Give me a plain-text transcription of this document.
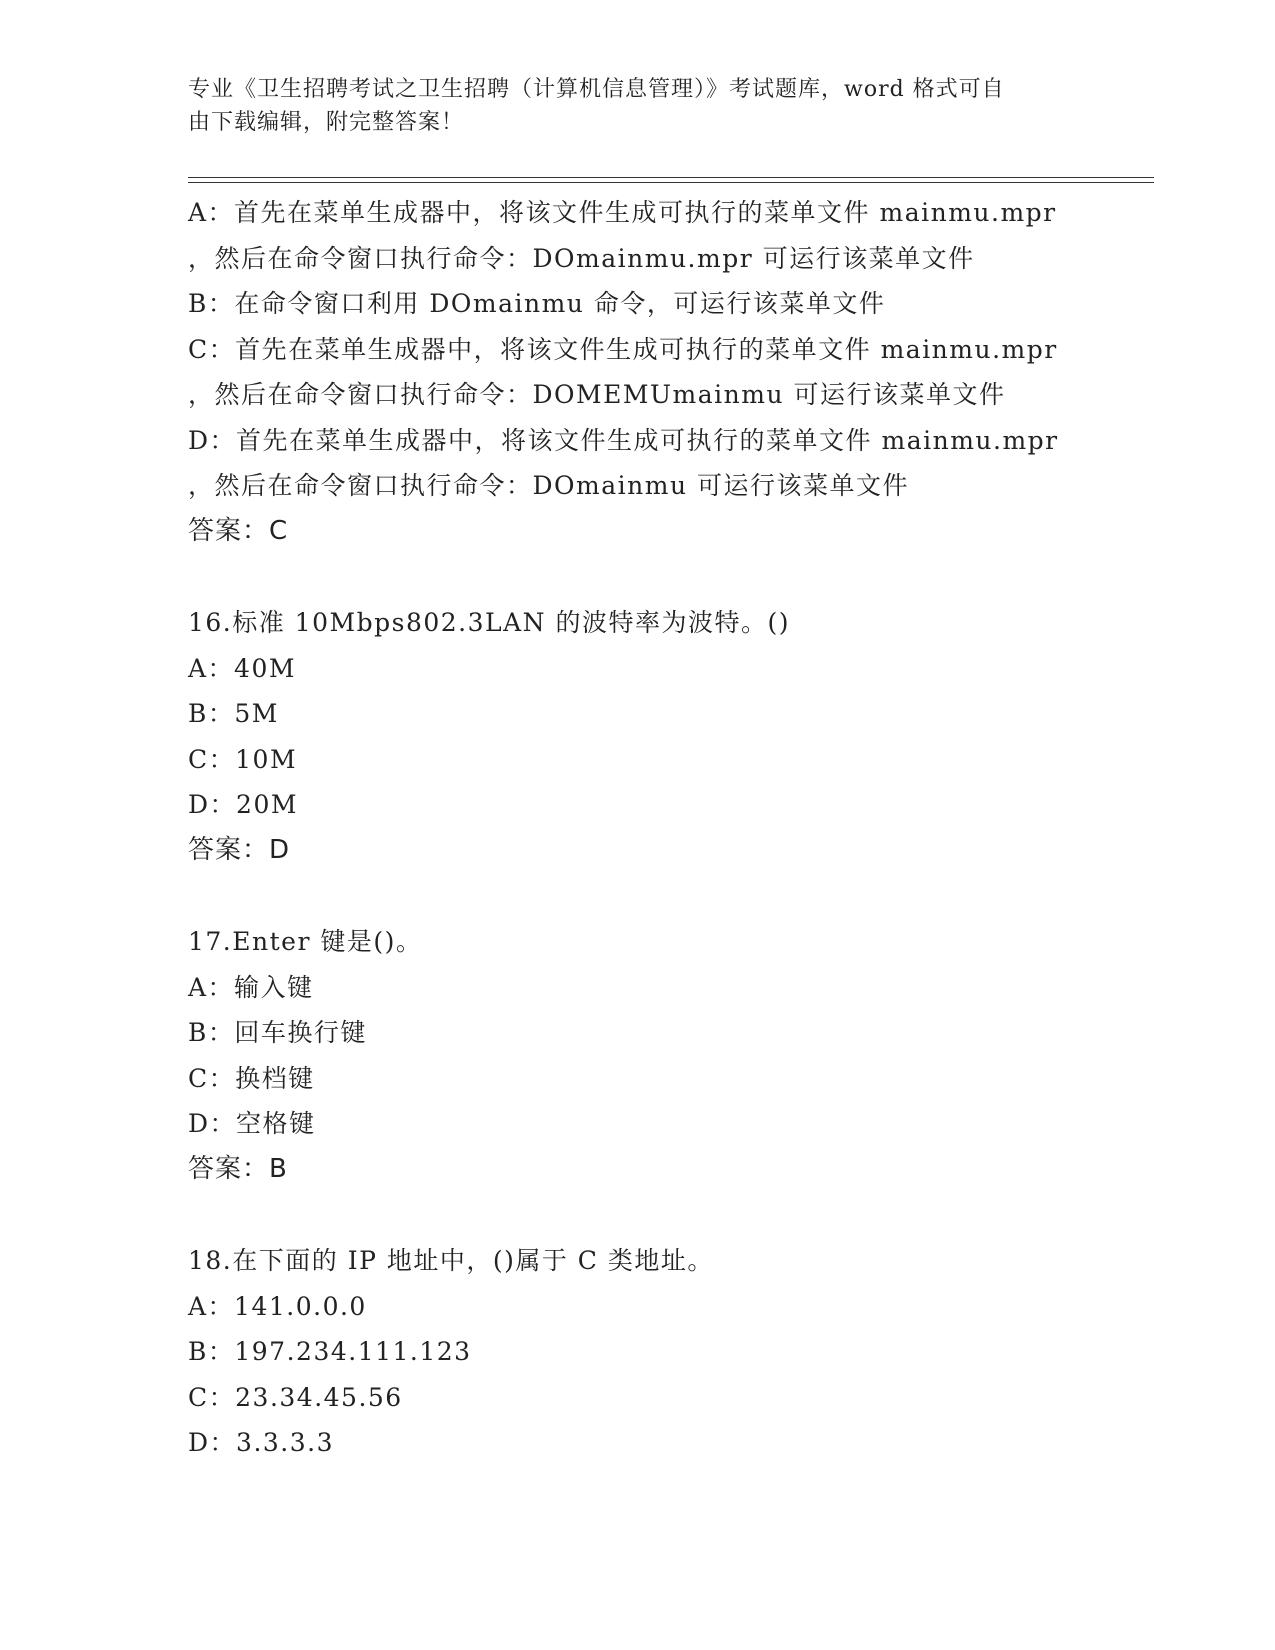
专业《卫生招聘考试之卫生招聘（计算机信息管理）》考试题库，word 格式可自
由下载编辑，附完整答案！
A：首先在菜单生成器中，将该文件生成可执行的菜单文件 mainmu.mpr
，然后在命令窗口执行命令：DOmainmu.mpr 可运行该菜单文件
B：在命令窗口利用 DOmainmu 命令，可运行该菜单文件
C：首先在菜单生成器中，将该文件生成可执行的菜单文件 mainmu.mpr
，然后在命令窗口执行命令：DOMEMUmainmu 可运行该菜单文件
D：首先在菜单生成器中，将该文件生成可执行的菜单文件 mainmu.mpr
，然后在命令窗口执行命令：DOmainmu 可运行该菜单文件
答案：C
16.标准 10Mbps802.3LAN 的波特率为波特。()
A：40M
B：5M
C：10M
D：20M
答案：D
17.Enter 键是()。
A：输入键
B：回车换行键
C：换档键
D：空格键
答案：B
18.在下面的 IP 地址中，()属于 C 类地址。
A：141.0.0.0
B：197.234.111.123
C：23.34.45.56
D：3.3.3.3
